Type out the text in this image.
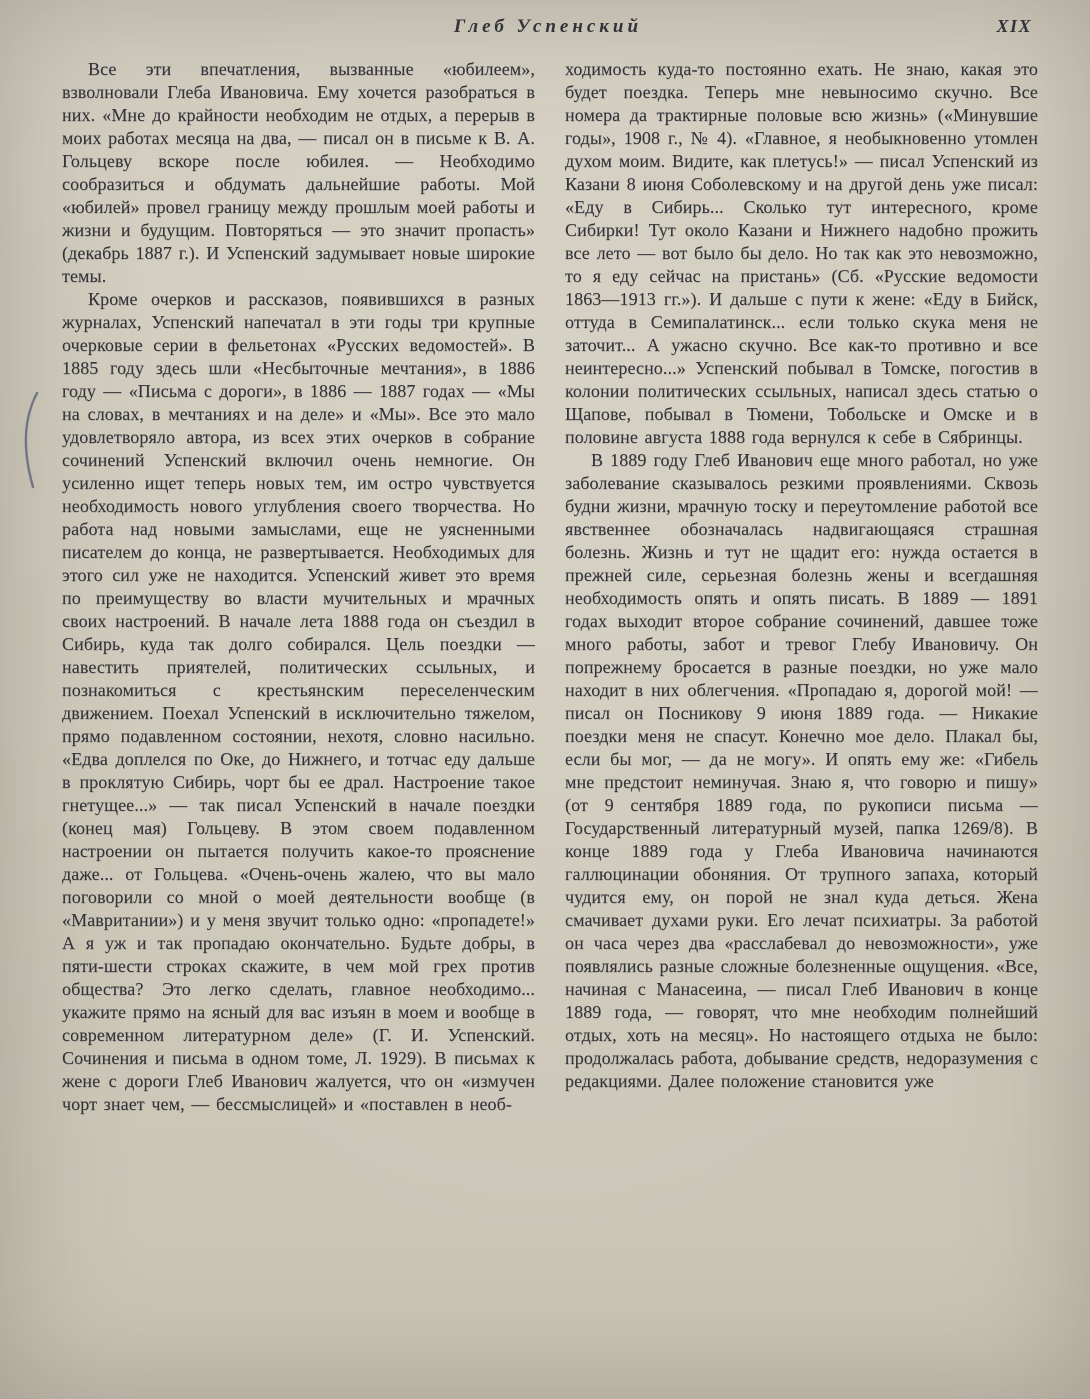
Глеб Успенский	XIX

Все эти впечатления, вызванные «юбилеем», взволновали Глеба Ивановича. Ему хочется разобраться в них. «Мне до крайности необходим не отдых, а перерыв в моих работах месяца на два, — писал он в письме к В. А. Гольцеву вскоре после юбилея. — Необходимо сообразиться и обдумать дальнейшие работы. Мой «юбилей» провел границу между прошлым моей работы и жизни и будущим. Повторяться — это значит пропасть» (декабрь 1887 г.). И Успенский задумывает новые широкие темы.

Кроме очерков и рассказов, появившихся в разных журналах, Успенский напечатал в эти годы три крупные очерковые серии в фельетонах «Русских ведомостей». В 1885 году здесь шли «Несбыточные мечтания», в 1886 году — «Письма с дороги», в 1886 — 1887 годах — «Мы на словах, в мечтаниях и на деле» и «Мы». Все это мало удовлетворяло автора, из всех этих очерков в собрание сочинений Успенский включил очень немногие. Он усиленно ищет теперь новых тем, им остро чувствуется необходимость нового углубления своего творчества. Но работа над новыми замыслами, еще не уясненными писателем до конца, не развертывается. Необходимых для этого сил уже не находится. Успенский живет это время по преимуществу во власти мучительных и мрачных своих настроений. В начале лета 1888 года он съездил в Сибирь, куда так долго собирался. Цель поездки — навестить приятелей, политических ссыльных, и познакомиться с крестьянским переселенческим движением. Поехал Успенский в исключительно тяжелом, прямо подавленном состоянии, нехотя, словно насильно. «Едва доплелся по Оке, до Нижнего, и тотчас еду дальше в проклятую Сибирь, чорт бы ее драл. Настроение такое гнетущее...» — так писал Успенский в начале поездки (конец мая) Гольцеву. В этом своем подавленном настроении он пытается получить какое-то прояснение даже... от Гольцева. «Очень-очень жалею, что вы мало поговорили со мной о моей деятельности вообще (в «Мавритании») и у меня звучит только одно: «пропадете!» А я уж и так пропадаю окончательно. Будьте добры, в пяти-шести строках скажите, в чем мой грех против общества? Это легко сделать, главное необходимо... укажите прямо на ясный для вас изъян в моем и вообще в современном литературном деле» (Г. И. Успенский. Сочинения и письма в одном томе, Л. 1929). В письмах к жене с дороги Глеб Иванович жалуется, что он «измучен чорт знает чем, — бессмыслицей» и «поставлен в необ-

ходимость куда-то постоянно ехать. Не знаю, какая это будет поездка. Теперь мне невыносимо скучно. Все номера да трактирные половые всю жизнь» («Минувшие годы», 1908 г., № 4). «Главное, я необыкновенно утомлен духом моим. Видите, как плетусь!» — писал Успенский из Казани 8 июня Соболевскому и на другой день уже писал: «Еду в Сибирь... Сколько тут интересного, кроме Сибирки! Тут около Казани и Нижнего надобно прожить все лето — вот было бы дело. Но так как это невозможно, то я еду сейчас на пристань» (Сб. «Русские ведомости 1863—1913 гг.»). И дальше с пути к жене: «Еду в Бийск, оттуда в Семипалатинск... если только скука меня не заточит... А ужасно скучно. Все как-то противно и все неинтересно...» Успенский побывал в Томске, погостив в колонии политических ссыльных, написал здесь статью о Щапове, побывал в Тюмени, Тобольске и Омске и в половине августа 1888 года вернулся к себе в Сябринцы.

В 1889 году Глеб Иванович еще много работал, но уже заболевание сказывалось резкими проявлениями. Сквозь будни жизни, мрачную тоску и переутомление работой все явственнее обозначалась надвигающаяся страшная болезнь. Жизнь и тут не щадит его: нужда остается в прежней силе, серьезная болезнь жены и всегдашняя необходимость опять и опять писать. В 1889 — 1891 годах выходит второе собрание сочинений, давшее тоже много работы, забот и тревог Глебу Ивановичу. Он попрежнему бросается в разные поездки, но уже мало находит в них облегчения. «Пропадаю я, дорогой мой! — писал он Посникову 9 июня 1889 года. — Никакие поездки меня не спасут. Конечно мое дело. Плакал бы, если бы мог, — да не могу». И опять ему же: «Гибель мне предстоит неминучая. Знаю я, что говорю и пишу» (от 9 сентября 1889 года, по рукописи письма — Государственный литературный музей, папка 1269/8). В конце 1889 года у Глеба Ивановича начинаются галлюцинации обоняния. От трупного запаха, который чудится ему, он порой не знал куда деться. Жена смачивает духами руки. Его лечат психиатры. За работой он часа через два «расслабевал до невозможности», уже появлялись разные сложные болезненные ощущения. «Все, начиная с Манасеина, — писал Глеб Иванович в конце 1889 года, — говорят, что мне необходим полнейший отдых, хоть на месяц». Но настоящего отдыха не было: продолжалась работа, добывание средств, недоразумения с редакциями. Далее положение становится уже
